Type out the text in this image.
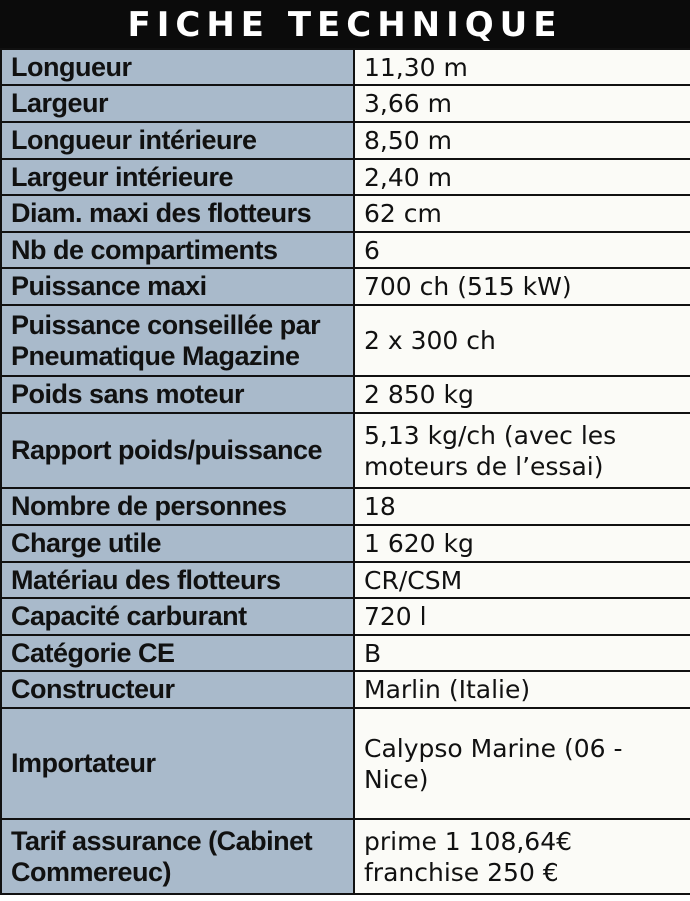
FICHE TECHNIQUE
Longueur	11,30 m
Largeur	3,66 m
Longueur intérieure	8,50 m
Largeur intérieure	2,40 m
Diam. maxi des flotteurs	62 cm
Nb de compartiments	6
Puissance maxi	700 ch (515 kW)
Puissance conseillée par Pneumatique Magazine	2 x 300 ch
Poids sans moteur	2 850 kg
Rapport poids/puissance	5,13 kg/ch (avec les moteurs de l’essai)
Nombre de personnes	18
Charge utile	1 620 kg
Matériau des flotteurs	CR/CSM
Capacité carburant	720 l
Catégorie CE	B
Constructeur	Marlin (Italie)
Importateur	Calypso Marine (06 - Nice)
Tarif assurance (Cabinet Commereuc)	prime 1 108,64€ franchise 250 €
